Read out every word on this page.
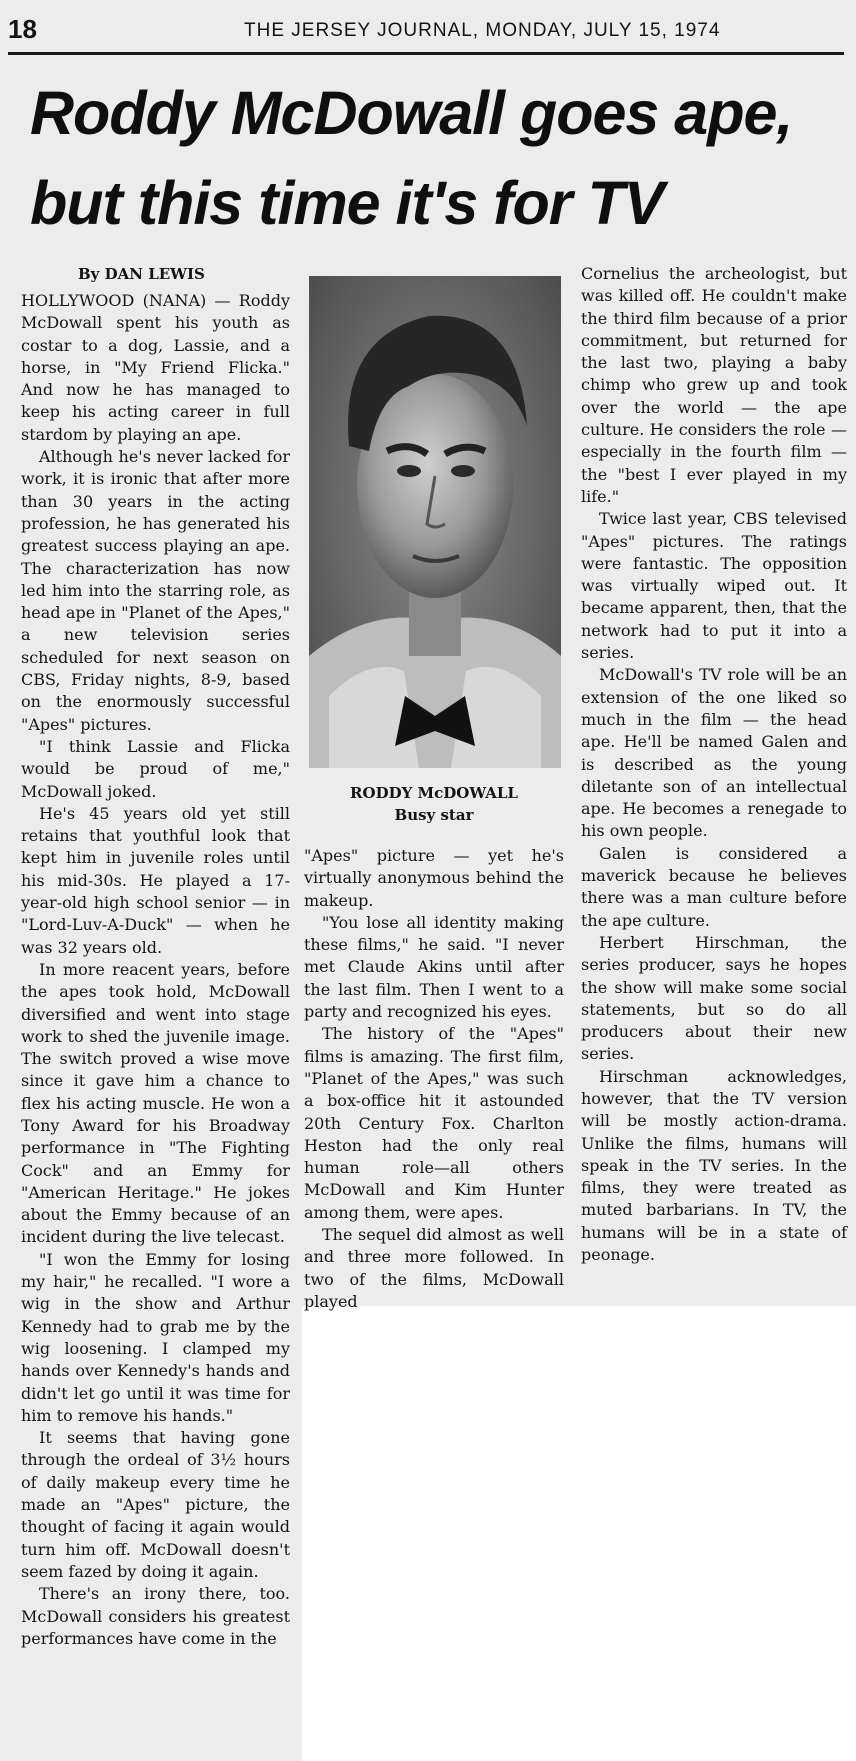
18	THE JERSEY JOURNAL, MONDAY, JULY 15, 1974
Roddy McDowall goes ape,
but this time it's for TV
By DAN LEWIS

HOLLYWOOD (NANA) — Roddy McDowall spent his youth as costar to a dog, Lassie, and a horse, in "My Friend Flicka." And now he has managed to keep his acting career in full stardom by playing an ape.

Although he's never lacked for work, it is ironic that after more than 30 years in the acting profession, he has generated his greatest success playing an ape. The characterization has now led him into the starring role, as head ape in "Planet of the Apes," a new television series scheduled for next season on CBS, Friday nights, 8-9, based on the enormously successful "Apes" pictures.

"I think Lassie and Flicka would be proud of me," McDowall joked.

He's 45 years old yet still retains that youthful look that kept him in juvenile roles until his mid-30s. He played a 17-year-old high school senior — in "Lord-Luv-A-Duck" — when he was 32 years old.

In more reacent years, before the apes took hold, McDowall diversified and went into stage work to shed the juvenile image. The switch proved a wise move since it gave him a chance to flex his acting muscle. He won a Tony Award for his Broadway performance in "The Fighting Cock" and an Emmy for "American Heritage." He jokes about the Emmy because of an incident during the live telecast.

"I won the Emmy for losing my hair," he recalled. "I wore a wig in the show and Arthur Kennedy had to grab me by the wig loosening. I clamped my hands over Kennedy's hands and didn't let go until it was time for him to remove his hands."

It seems that having gone through the ordeal of 3½ hours of daily makeup every time he made an "Apes" picture, the thought of facing it again would turn him off. McDowall doesn't seem fazed by doing it again.

There's an irony there, too. McDowall considers his greatest performances have come in the

RODDY McDOWALL
Busy star

"Apes" picture — yet he's virtually anonymous behind the makeup.

"You lose all identity making these films," he said. "I never met Claude Akins until after the last film. Then I went to a party and recognized his eyes.

The history of the "Apes" films is amazing. The first film, "Planet of the Apes," was such a box-office hit it astounded 20th Century Fox. Charlton Heston had the only real human role—all others McDowall and Kim Hunter among them, were apes.

The sequel did almost as well and three more followed. In two of the films, McDowall played

Cornelius the archeologist, but was killed off. He couldn't make the third film because of a prior commitment, but returned for the last two, playing a baby chimp who grew up and took over the world — the ape culture. He considers the role — especially in the fourth film — the "best I ever played in my life."

Twice last year, CBS televised "Apes" pictures. The ratings were fantastic. The opposition was virtually wiped out. It became apparent, then, that the network had to put it into a series.

McDowall's TV role will be an extension of the one liked so much in the film — the head ape. He'll be named Galen and is described as the young diletante son of an intellectual ape. He becomes a renegade to his own people.

Galen is considered a maverick because he believes there was a man culture before the ape culture.

Herbert Hirschman, the series producer, says he hopes the show will make some social statements, but so do all producers about their new series.

Hirschman acknowledges, however, that the TV version will be mostly action-drama. Unlike the films, humans will speak in the TV series. In the films, they were treated as muted barbarians. In TV, the humans will be in a state of peonage.
